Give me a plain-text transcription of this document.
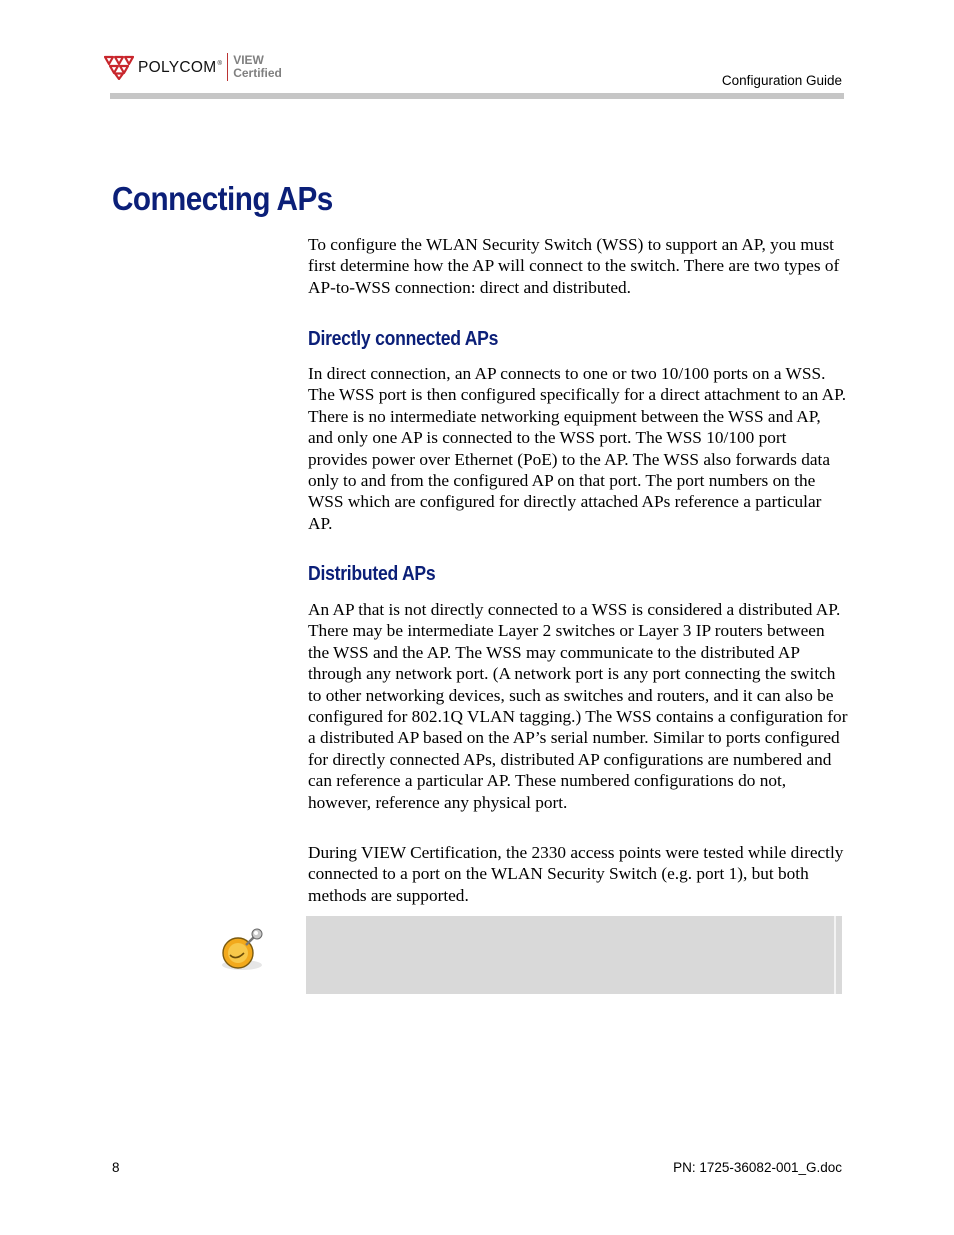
POLYCOM® VIEW
Certified	Configuration Guide
Connecting APs

To configure the WLAN Security Switch (WSS) to support an AP, you must first determine how the AP will connect to the switch. There are two types of AP-to-WSS connection: direct and distributed.

Directly connected APs

In direct connection, an AP connects to one or two 10/100 ports on a WSS. The WSS port is then configured specifically for a direct attachment to an AP. There is no intermediate networking equipment between the WSS and AP, and only one AP is connected to the WSS port. The WSS 10/100 port provides power over Ethernet (PoE) to the AP. The WSS also forwards data only to and from the configured AP on that port. The port numbers on the WSS which are configured for directly attached APs reference a particular AP.

Distributed APs

An AP that is not directly connected to a WSS is considered a distributed AP. There may be intermediate Layer 2 switches or Layer 3 IP routers between the WSS and the AP. The WSS may communicate to the distributed AP through any network port. (A network port is any port connecting the switch to other networking devices, such as switches and routers, and it can also be configured for 802.1Q VLAN tagging.) The WSS contains a configuration for a distributed AP based on the AP’s serial number. Similar to ports configured for directly connected APs, distributed AP configurations are numbered and can reference a particular AP. These numbered configurations do not, however, reference any physical port.

During VIEW Certification, the 2330 access points were tested while directly connected to a port on the WLAN Security Switch (e.g. port 1), but both methods are supported.

8	PN: 1725-36082-001_G.doc
